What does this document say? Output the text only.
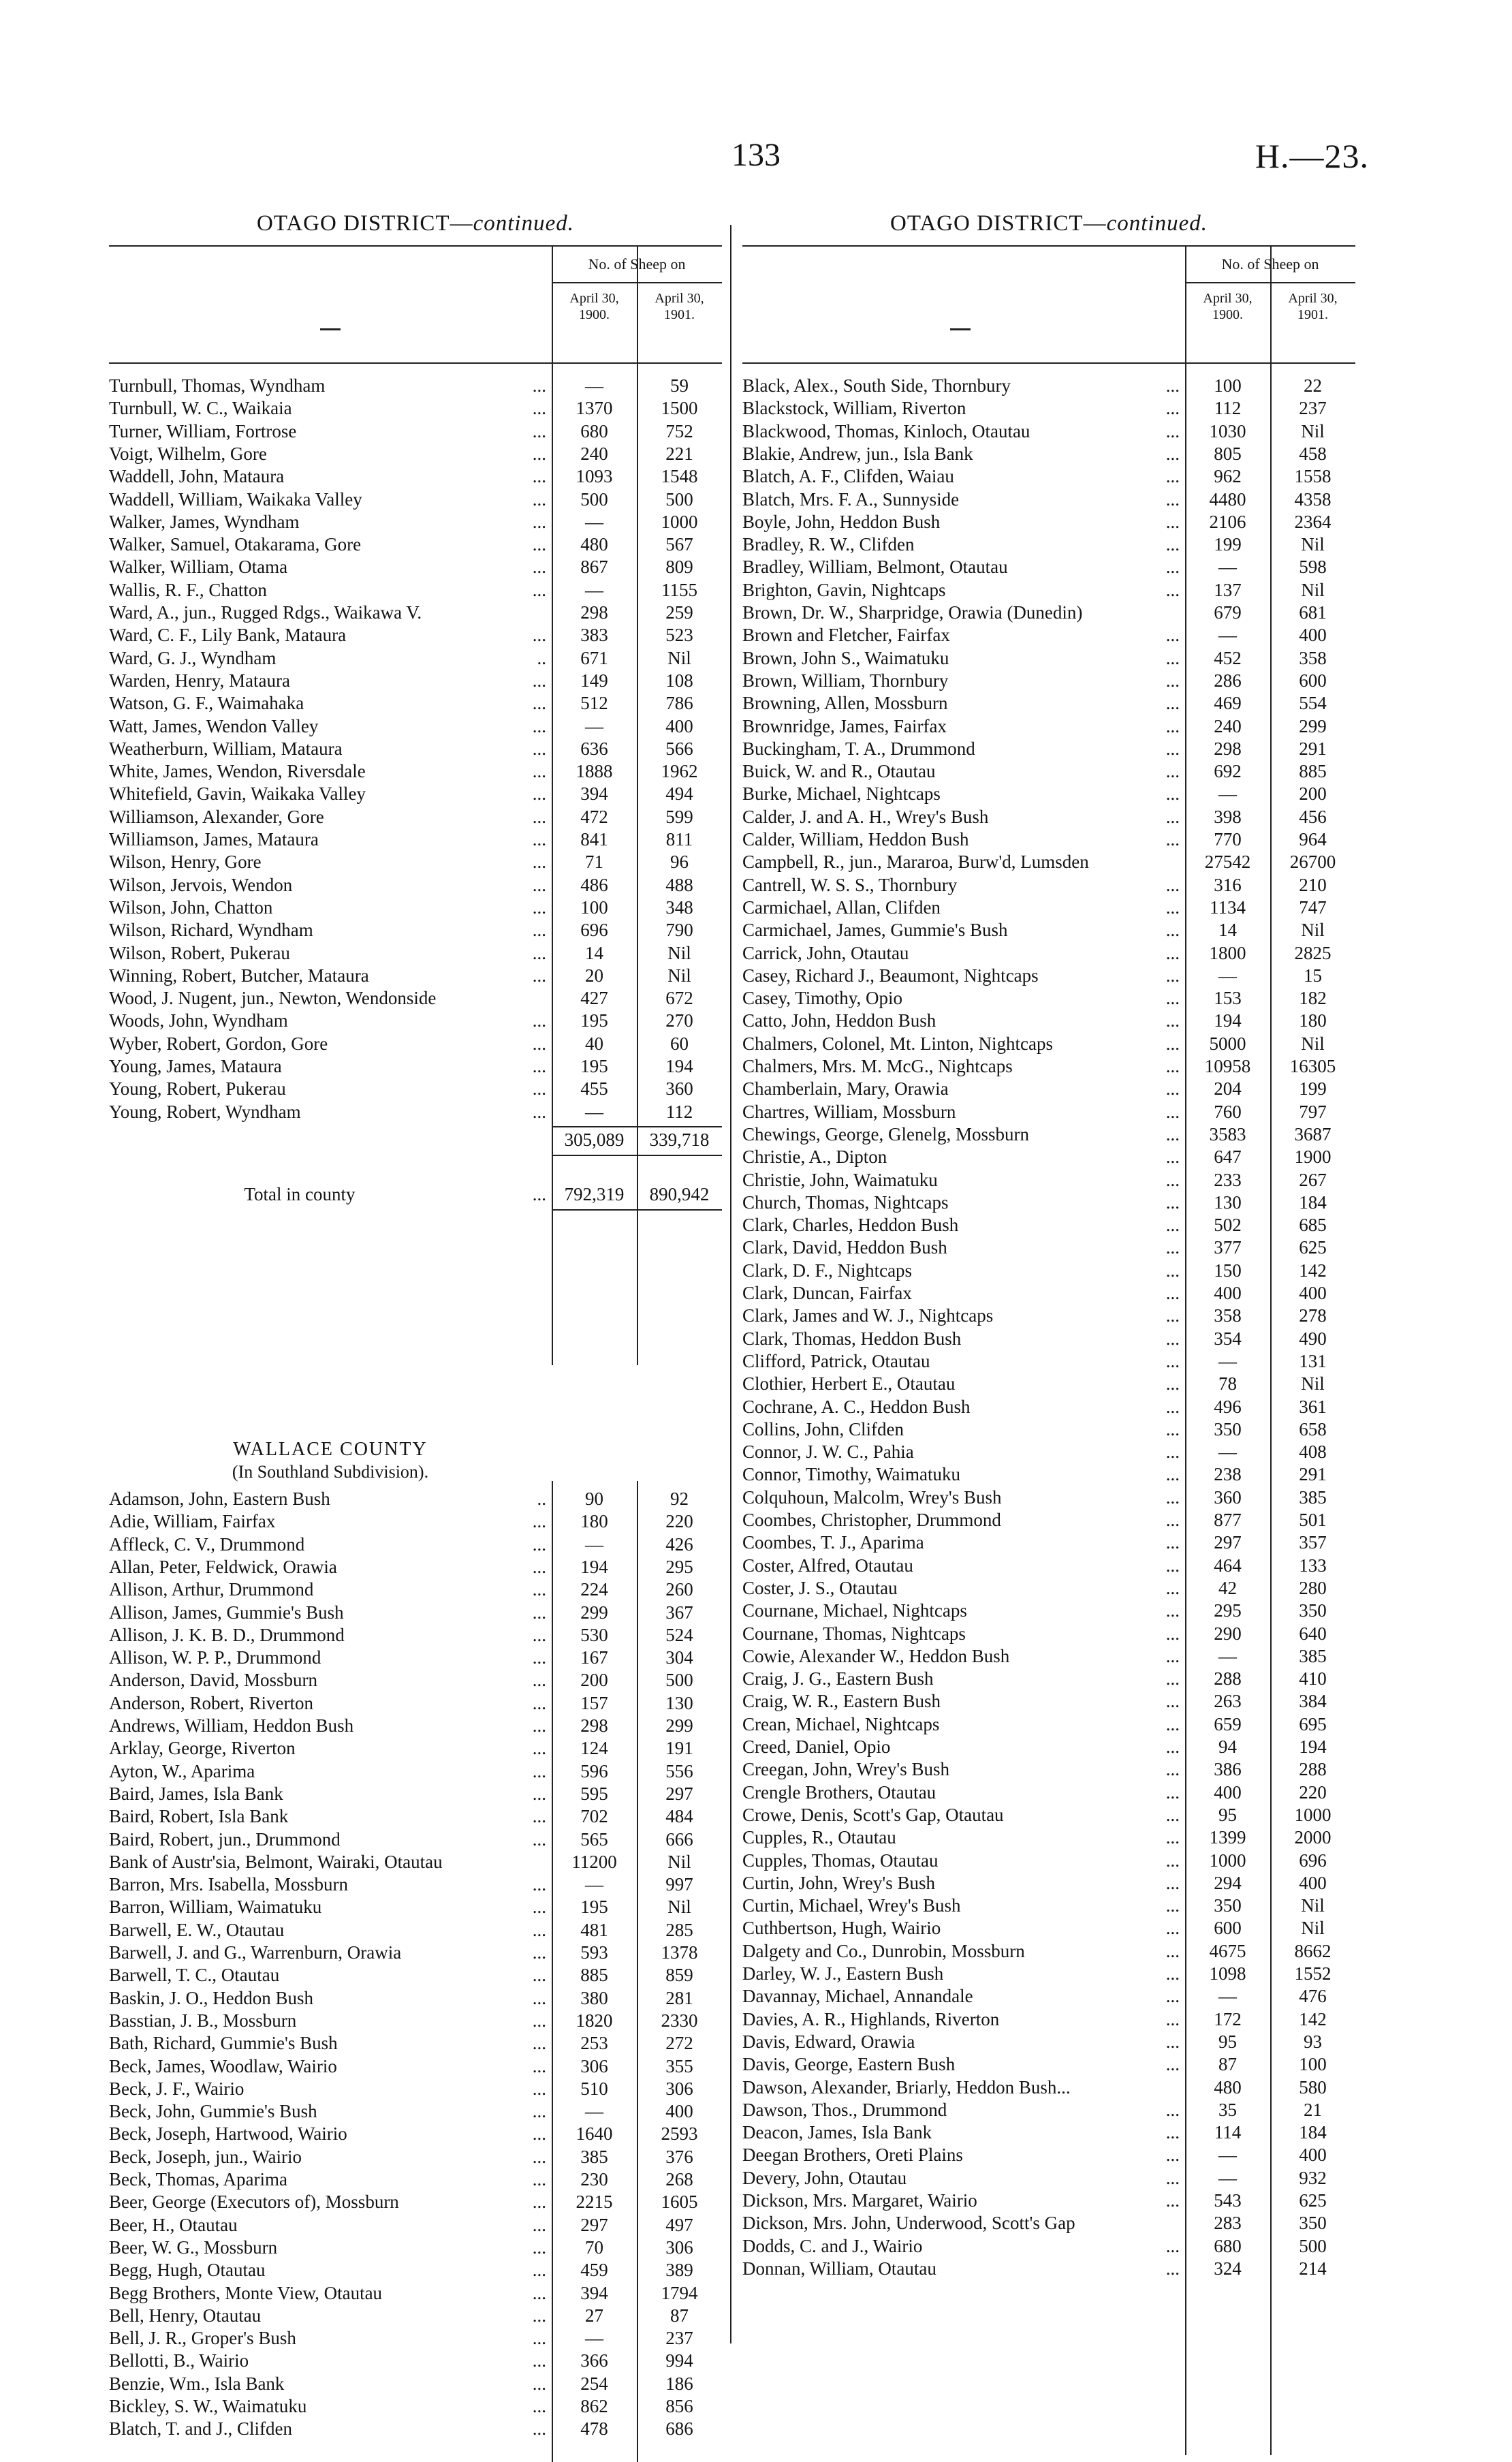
133	H.—23.
OTAGO DISTRICT—continued.
No. of Sheep on
April 30,
1900.
April 30,
1901.
WALLACE COUNTY
(In Southland Subdivision).
Turnbull, Thomas, Wyndham	...	—	59
Turnbull, W. C., Waikaia	...	1370	1500
Turner, William, Fortrose	...	680	752
Voigt, Wilhelm, Gore	...	240	221
Waddell, John, Mataura	...	1093	1548
Waddell, William, Waikaka Valley	...	500	500
Walker, James, Wyndham	...	—	1000
Walker, Samuel, Otakarama, Gore	...	480	567
Walker, William, Otama	...	867	809
Wallis, R. F., Chatton	...	—	1155
Ward, A., jun., Rugged Rdgs., Waikawa V.	298	259
Ward, C. F., Lily Bank, Mataura	...	383	523
Ward, G. J., Wyndham	..	671	Nil
Warden, Henry, Mataura	...	149	108
Watson, G. F., Waimahaka	...	512	786
Watt, James, Wendon Valley	...	—	400
Weatherburn, William, Mataura	...	636	566
White, James, Wendon, Riversdale	...	1888	1962
Whitefield, Gavin, Waikaka Valley	...	394	494
Williamson, Alexander, Gore	...	472	599
Williamson, James, Mataura	...	841	811
Wilson, Henry, Gore	...	71	96
Wilson, Jervois, Wendon	...	486	488
Wilson, John, Chatton	...	100	348
Wilson, Richard, Wyndham	...	696	790
Wilson, Robert, Pukerau	...	14	Nil
Winning, Robert, Butcher, Mataura	...	20	Nil
Wood, J. Nugent, jun., Newton, Wendonside	427	672
Woods, John, Wyndham	...	195	270
Wyber, Robert, Gordon, Gore	...	40	60
Young, James, Mataura	...	195	194
Young, Robert, Pukerau	...	455	360
Young, Robert, Wyndham	...	—	112
305,089	339,718
Total in county	... 792,319	890,942
Adamson, John, Eastern Bush	..	90	92
Adie, William, Fairfax	...	180	220
Affleck, C. V., Drummond	...	—	426
Allan, Peter, Feldwick, Orawia	...	194	295
Allison, Arthur, Drummond	...	224	260
Allison, James, Gummie's Bush	...	299	367
Allison, J. K. B. D., Drummond	...	530	524
Allison, W. P. P., Drummond	...	167	304
Anderson, David, Mossburn	...	200	500
Anderson, Robert, Riverton	...	157	130
Andrews, William, Heddon Bush	...	298	299
Arklay, George, Riverton	...	124	191
Ayton, W., Aparima	...	596	556
Baird, James, Isla Bank	...	595	297
Baird, Robert, Isla Bank	...	702	484
Baird, Robert, jun., Drummond	...	565	666
Bank of Austr'sia, Belmont, Wairaki, Otautau	11200	Nil
Barron, Mrs. Isabella, Mossburn	...	—	997
Barron, William, Waimatuku	...	195	Nil
Barwell, E. W., Otautau	...	481	285
Barwell, J. and G., Warrenburn, Orawia	...	593	1378
Barwell, T. C., Otautau	...	885	859
Baskin, J. O., Heddon Bush	...	380	281
Basstian, J. B., Mossburn	...	1820	2330
Bath, Richard, Gummie's Bush	...	253	272
Beck, James, Woodlaw, Wairio	...	306	355
Beck, J. F., Wairio	...	510	306
Beck, John, Gummie's Bush	...	—	400
Beck, Joseph, Hartwood, Wairio	...	1640	2593
Beck, Joseph, jun., Wairio	...	385	376
Beck, Thomas, Aparima	...	230	268
Beer, George (Executors of), Mossburn	...	2215	1605
Beer, H., Otautau	...	297	497
Beer, W. G., Mossburn	...	70	306
Begg, Hugh, Otautau	...	459	389
Begg Brothers, Monte View, Otautau	...	394	1794
Bell, Henry, Otautau	...	27	87
Bell, J. R., Groper's Bush	...	—	237
Bellotti, B., Wairio	...	366	994
Benzie, Wm., Isla Bank	...	254	186
Bickley, S. W., Waimatuku	...	862	856
Blatch, T. and J., Clifden	...	478	686
OTAGO DISTRICT—continued.
No. of Sheep on
April 30,
1900.
April 30,
1901.
Black, Alex., South Side, Thornbury	...	100	22
Blackstock, William, Riverton	...	112	237
Blackwood, Thomas, Kinloch, Otautau	...	1030	Nil
Blakie, Andrew, jun., Isla Bank	...	805	458
Blatch, A. F., Clifden, Waiau	...	962	1558
Blatch, Mrs. F. A., Sunnyside	...	4480	4358
Boyle, John, Heddon Bush	...	2106	2364
Bradley, R. W., Clifden	...	199	Nil
Bradley, William, Belmont, Otautau	...	—	598
Brighton, Gavin, Nightcaps	...	137	Nil
Brown, Dr. W., Sharpridge, Orawia (Dunedin)	679	681
Brown and Fletcher, Fairfax	...	—	400
Brown, John S., Waimatuku	...	452	358
Brown, William, Thornbury	...	286	600
Browning, Allen, Mossburn	...	469	554
Brownridge, James, Fairfax	...	240	299
Buckingham, T. A., Drummond	...	298	291
Buick, W. and R., Otautau	...	692	885
Burke, Michael, Nightcaps	...	—	200
Calder, J. and A. H., Wrey's Bush	...	398	456
Calder, William, Heddon Bush	...	770	964
Campbell, R., jun., Mararoa, Burw'd, Lumsden	27542	26700
Cantrell, W. S. S., Thornbury	...	316	210
Carmichael, Allan, Clifden	...	1134	747
Carmichael, James, Gummie's Bush	...	14	Nil
Carrick, John, Otautau	...	1800	2825
Casey, Richard J., Beaumont, Nightcaps	...	—	15
Casey, Timothy, Opio	...	153	182
Catto, John, Heddon Bush	...	194	180
Chalmers, Colonel, Mt. Linton, Nightcaps	...	5000	Nil
Chalmers, Mrs. M. McG., Nightcaps	...	10958	16305
Chamberlain, Mary, Orawia	...	204	199
Chartres, William, Mossburn	...	760	797
Chewings, George, Glenelg, Mossburn	...	3583	3687
Christie, A., Dipton	...	647	1900
Christie, John, Waimatuku	...	233	267
Church, Thomas, Nightcaps	...	130	184
Clark, Charles, Heddon Bush	...	502	685
Clark, David, Heddon Bush	...	377	625
Clark, D. F., Nightcaps	...	150	142
Clark, Duncan, Fairfax	...	400	400
Clark, James and W. J., Nightcaps	...	358	278
Clark, Thomas, Heddon Bush	...	354	490
Clifford, Patrick, Otautau	...	—	131
Clothier, Herbert E., Otautau	...	78	Nil
Cochrane, A. C., Heddon Bush	...	496	361
Collins, John, Clifden	...	350	658
Connor, J. W. C., Pahia	...	—	408
Connor, Timothy, Waimatuku	...	238	291
Colquhoun, Malcolm, Wrey's Bush	...	360	385
Coombes, Christopher, Drummond	...	877	501
Coombes, T. J., Aparima	...	297	357
Coster, Alfred, Otautau	...	464	133
Coster, J. S., Otautau	...	42	280
Cournane, Michael, Nightcaps	...	295	350
Cournane, Thomas, Nightcaps	...	290	640
Cowie, Alexander W., Heddon Bush	...	—	385
Craig, J. G., Eastern Bush	...	288	410
Craig, W. R., Eastern Bush	...	263	384
Crean, Michael, Nightcaps	...	659	695
Creed, Daniel, Opio	...	94	194
Creegan, John, Wrey's Bush	...	386	288
Crengle Brothers, Otautau	...	400	220
Crowe, Denis, Scott's Gap, Otautau	...	95	1000
Cupples, R., Otautau	...	1399	2000
Cupples, Thomas, Otautau	...	1000	696
Curtin, John, Wrey's Bush	...	294	400
Curtin, Michael, Wrey's Bush	...	350	Nil
Cuthbertson, Hugh, Wairio	...	600	Nil
Dalgety and Co., Dunrobin, Mossburn	...	4675	8662
Darley, W. J., Eastern Bush	...	1098	1552
Davannay, Michael, Annandale	...	—	476
Davies, A. R., Highlands, Riverton	...	172	142
Davis, Edward, Orawia	...	95	93
Davis, George, Eastern Bush	...	87	100
Dawson, Alexander, Briarly, Heddon Bush...	480	580
Dawson, Thos., Drummond	...	35	21
Deacon, James, Isla Bank	...	114	184
Deegan Brothers, Oreti Plains	...	—	400
Devery, John, Otautau	...	—	932
Dickson, Mrs. Margaret, Wairio	...	543	625
Dickson, Mrs. John, Underwood, Scott's Gap	283	350
Dodds, C. and J., Wairio	...	680	500
Donnan, William, Otautau	...	324	214
